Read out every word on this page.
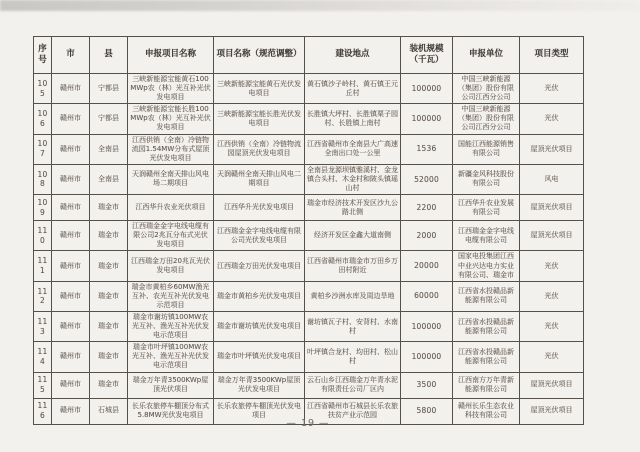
序号	市	县	申报项目名称	项目名称（规范调整）	建设地点	装机规模（千瓦）	申报单位	项目类型
105	赣州市	宁都县	三峡新能源宝能黄石100MWp农（林）光互补光伏发电项目	三峡新能源宝能黄石光伏发电项目	黄石镇沙子岭村、黄石镇王元丘村	100000	中国三峡新能源（集团）股份有限公司江西分公司	光伏
106	赣州市	宁都县	三峡新能源宝能长胜100MWp农（林）光互补光伏发电项目	三峡新能源宝能长胜光伏发电项目	长胜镇大坪村、长胜镇栗子园村、长胜镇上南村	100000	中国三峡新能源（集团）股份有限公司江西分公司	光伏
107	赣州市	全南县	江西供销（全南）冷链物流园1.54MW分布式屋顶光伏发电项目	江西供销（全南）冷链物流园屋顶光伏发电项目	江西省赣州市全南县大广高速全南出口处一公里	1536	国能江西能源销售有限公司	屋顶光伏项目
108	赣州市	全南县	天润赣州全南天排山风电场二期项目	天润赣州全南天排山风电二期项目	全南县龙源坝镇雅溪村、金龙镇合头村、木金村和陂头镇瑶山村	52000	新疆金风科技股份有限公司	风电
109	赣州市	瑞金市	江西华升农业光伏项目	江西华升光伏发电项目	瑞金市经济技术开发区沙九公路北侧	2200	江西华升农业发展有限公司	屋顶光伏项目
110	赣州市	瑞金市	江西瑞金金字电线电缆有限公司2兆瓦分布式光伏发电项目	江西瑞金金字电线电缆有限公司光伏发电项目	经济开发区金鑫大道南侧	2000	江西瑞金金字电线电缆有限公司	屋顶光伏项目
111	赣州市	瑞金市	江西瑞金万田20兆瓦光伏发电项目	江西瑞金万田光伏发电项目	江西省赣州市瑞金市万田乡万田村附近	20000	国家电投集团江西中业兴达电力实业有限公司、瑞金市	光伏
112	赣州市	瑞金市	瑞金市黄柏乡60MW渔光互补、农光互补光伏发电示范项目	瑞金市黄柏乡光伏发电项目	黄柏乡沙洲水库及周边旱地	60000	江西省水投赣品新能源有限公司	光伏
113	赣州市	瑞金市	瑞金市谢坊镇100MW农光互补、渔光互补光伏发电示范项目	瑞金市谢坊镇光伏发电项目	谢坊镇瓦子村、安背村、水南村	100000	江西省水投赣品新能源有限公司	光伏
114	赣州市	瑞金市	瑞金市叶坪镇100MW农光互补、渔光互补光伏发电示范项目	瑞金市叶坪镇光伏发电项目	叶坪镇合龙村、均田村、松山村	100000	江西省水投赣品新能源有限公司	光伏
115	赣州市	瑞金市	瑞金万年青3500KWp屋顶光伏项目	瑞金万年青3500KWp屋顶光伏发电项目	云石山乡江西瑞金万年青水泥有限责任公司厂区内	3500	江西南方万年青新能源有限公司	屋顶光伏项目
116	赣州市	石城县	长乐农旅停车棚顶分布式5.8MW光伏发电项目	长乐农旅停车棚顶光伏发电项目	江西省赣州市石城县长乐农旅扶贫产业示范园	5800	赣州长乐生态农业科技有限公司	屋顶光伏项目
— 19 —
